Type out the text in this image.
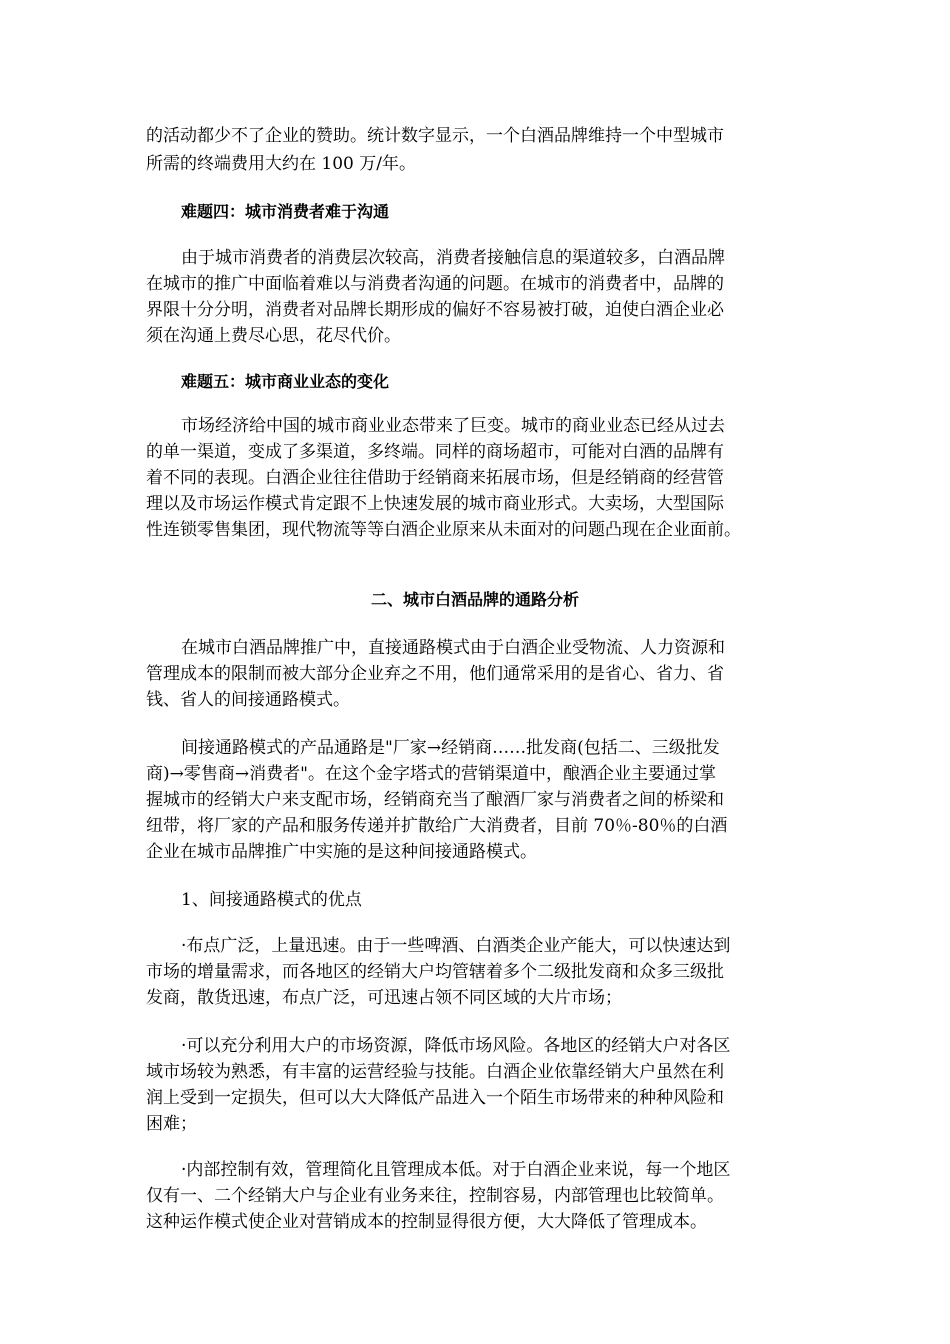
的活动都少不了企业的赞助。统计数字显示，一个白酒品牌维持一个中型城市
所需的终端费用大约在 100 万/年。
难题四：城市消费者难于沟通
由于城市消费者的消费层次较高，消费者接触信息的渠道较多，白酒品牌
在城市的推广中面临着难以与消费者沟通的问题。在城市的消费者中，品牌的
界限十分分明，消费者对品牌长期形成的偏好不容易被打破，迫使白酒企业必
须在沟通上费尽心思，花尽代价。
难题五：城市商业业态的变化
市场经济给中国的城市商业业态带来了巨变。城市的商业业态已经从过去
的单一渠道，变成了多渠道，多终端。同样的商场超市，可能对白酒的品牌有
着不同的表现。白酒企业往往借助于经销商来拓展市场，但是经销商的经营管
理以及市场运作模式肯定跟不上快速发展的城市商业形式。大卖场，大型国际
性连锁零售集团，现代物流等等白酒企业原来从未面对的问题凸现在企业面前。
二、城市白酒品牌的通路分析
在城市白酒品牌推广中，直接通路模式由于白酒企业受物流、人力资源和
管理成本的限制而被大部分企业弃之不用，他们通常采用的是省心、省力、省
钱、省人的间接通路模式。
间接通路模式的产品通路是"厂家→经销商……批发商(包括二、三级批发
商)→零售商→消费者"。在这个金字塔式的营销渠道中，酿酒企业主要通过掌
握城市的经销大户来支配市场，经销商充当了酿酒厂家与消费者之间的桥梁和
纽带，将厂家的产品和服务传递并扩散给广大消费者，目前 70％-80％的白酒
企业在城市品牌推广中实施的是这种间接通路模式。
1、间接通路模式的优点
·布点广泛，上量迅速。由于一些啤酒、白酒类企业产能大，可以快速达到
市场的增量需求，而各地区的经销大户均管辖着多个二级批发商和众多三级批
发商，散货迅速，布点广泛，可迅速占领不同区域的大片市场；
·可以充分利用大户的市场资源，降低市场风险。各地区的经销大户对各区
域市场较为熟悉，有丰富的运营经验与技能。白酒企业依靠经销大户虽然在利
润上受到一定损失，但可以大大降低产品进入一个陌生市场带来的种种风险和
困难；
·内部控制有效，管理简化且管理成本低。对于白酒企业来说，每一个地区
仅有一、二个经销大户与企业有业务来往，控制容易，内部管理也比较简单。
这种运作模式使企业对营销成本的控制显得很方便，大大降低了管理成本。
